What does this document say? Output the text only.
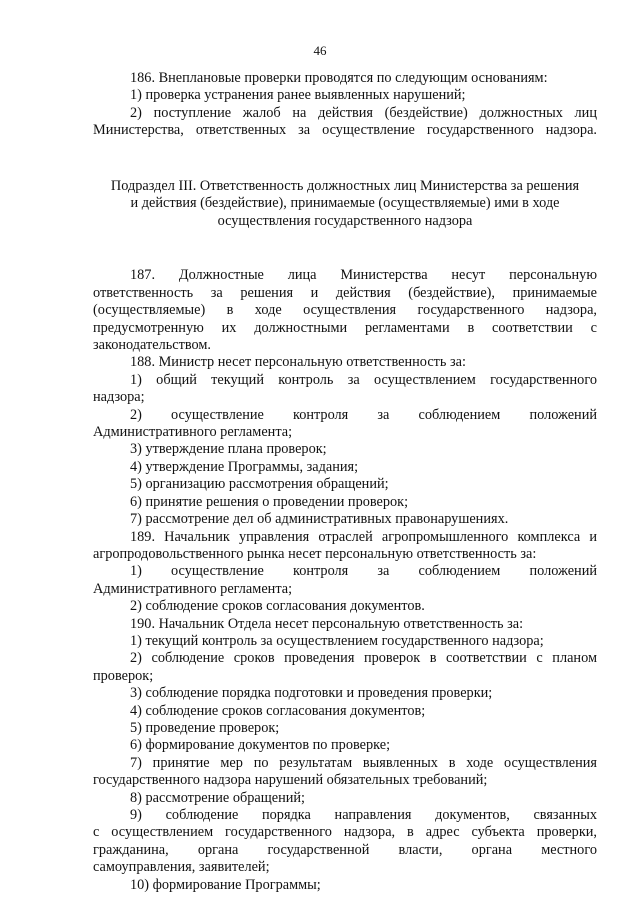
46

186. Внеплановые проверки проводятся по следующим основаниям:

1) проверка устранения ранее выявленных нарушений;

2) поступление жалоб на действия (бездействие) должностных лиц

Министерства, ответственных за осуществление государственного надзора.

Подраздел III. Ответственность должностных лиц Министерства за решения

и действия (бездействие), принимаемые (осуществляемые) ими в ходе

осуществления государственного надзора

187. Должностные лица Министерства несут персональную

ответственность за решения и действия (бездействие), принимаемые

(осуществляемые) в ходе осуществления государственного надзора,

предусмотренную их должностными регламентами в соответствии с

законодательством.

188. Министр несет персональную ответственность за:

1) общий текущий контроль за осуществлением государственного

надзора;

2) осуществление контроля за соблюдением положений

Административного регламента;

3) утверждение плана проверок;

4) утверждение Программы, задания;

5) организацию рассмотрения обращений;

6) принятие решения о проведении проверок;

7) рассмотрение дел об административных правонарушениях.

189. Начальник управления отраслей агропромышленного комплекса и

агропродовольственного рынка несет персональную ответственность за:

1) осуществление контроля за соблюдением положений

Административного регламента;

2) соблюдение сроков согласования документов.

190. Начальник Отдела несет персональную ответственность за:

1) текущий контроль за осуществлением государственного надзора;

2) соблюдение сроков проведения проверок в соответствии с планом

проверок;

3) соблюдение порядка подготовки и проведения проверки;

4) соблюдение сроков согласования документов;

5) проведение проверок;

6) формирование документов по проверке;

7) принятие мер по результатам выявленных в ходе осуществления

государственного надзора нарушений обязательных требований;

8) рассмотрение обращений;

9) соблюдение порядка направления документов, связанных

с осуществлением государственного надзора, в адрес субъекта проверки,

гражданина, органа государственной власти, органа местного

самоуправления, заявителей;

10) формирование Программы;
